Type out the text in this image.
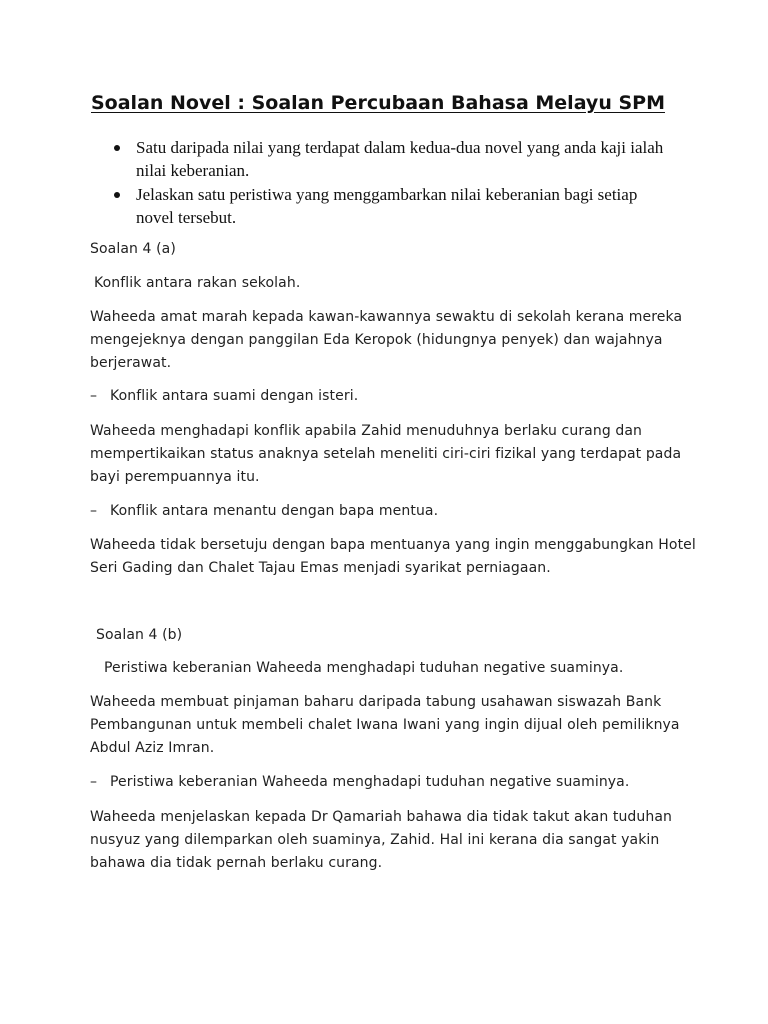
Soalan Novel : Soalan Percubaan Bahasa Melayu SPM
Satu daripada nilai yang terdapat dalam kedua-dua novel yang anda kaji ialah
nilai keberanian.
Jelaskan satu peristiwa yang menggambarkan nilai keberanian bagi setiap
novel tersebut.
Soalan 4 (a)
Konflik antara rakan sekolah.
Waheeda amat marah kepada kawan-kawannya sewaktu di sekolah kerana mereka
mengejeknya dengan panggilan Eda Keropok (hidungnya penyek) dan wajahnya
berjerawat.
– Konflik antara suami dengan isteri.
Waheeda menghadapi konflik apabila Zahid menuduhnya berlaku curang dan
mempertikaikan status anaknya setelah meneliti ciri-ciri fizikal yang terdapat pada
bayi perempuannya itu.
– Konflik antara menantu dengan bapa mentua.
Waheeda tidak bersetuju dengan bapa mentuanya yang ingin menggabungkan Hotel
Seri Gading dan Chalet Tajau Emas menjadi syarikat perniagaan.
Soalan 4 (b)
Peristiwa keberanian Waheeda menghadapi tuduhan negative suaminya.
Waheeda membuat pinjaman baharu daripada tabung usahawan siswazah Bank
Pembangunan untuk membeli chalet Iwana Iwani yang ingin dijual oleh pemiliknya
Abdul Aziz Imran.
– Peristiwa keberanian Waheeda menghadapi tuduhan negative suaminya.
Waheeda menjelaskan kepada Dr Qamariah bahawa dia tidak takut akan tuduhan
nusyuz yang dilemparkan oleh suaminya, Zahid. Hal ini kerana dia sangat yakin
bahawa dia tidak pernah berlaku curang.
